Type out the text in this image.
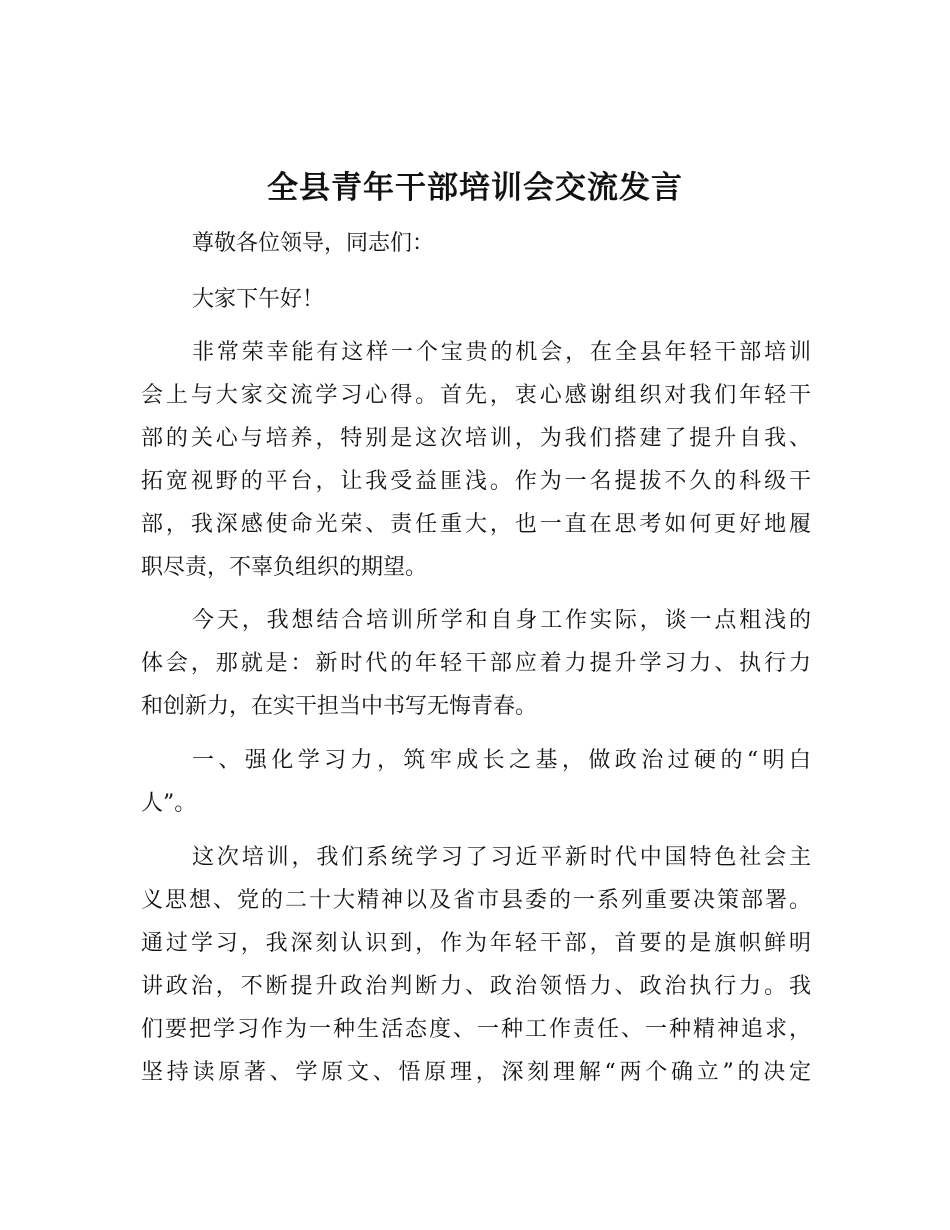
全县青年干部培训会交流发言
尊敬各位领导，同志们：
大家下午好！
非常荣幸能有这样一个宝贵的机会，在全县年轻干部培训
会上与大家交流学习心得。首先，衷心感谢组织对我们年轻干
部的关心与培养，特别是这次培训，为我们搭建了提升自我、
拓宽视野的平台，让我受益匪浅。作为一名提拔不久的科级干
部，我深感使命光荣、责任重大，也一直在思考如何更好地履
职尽责，不辜负组织的期望。
今天，我想结合培训所学和自身工作实际，谈一点粗浅的
体会，那就是：新时代的年轻干部应着力提升学习力、执行力
和创新力，在实干担当中书写无悔青春。
一、强化学习力，筑牢成长之基，做政治过硬的“明白
人”。
这次培训，我们系统学习了习近平新时代中国特色社会主
义思想、党的二十大精神以及省市县委的一系列重要决策部署。
通过学习，我深刻认识到，作为年轻干部，首要的是旗帜鲜明
讲政治，不断提升政治判断力、政治领悟力、政治执行力。我
们要把学习作为一种生活态度、一种工作责任、一种精神追求，
坚持读原著、学原文、悟原理，深刻理解“两个确立”的决定
